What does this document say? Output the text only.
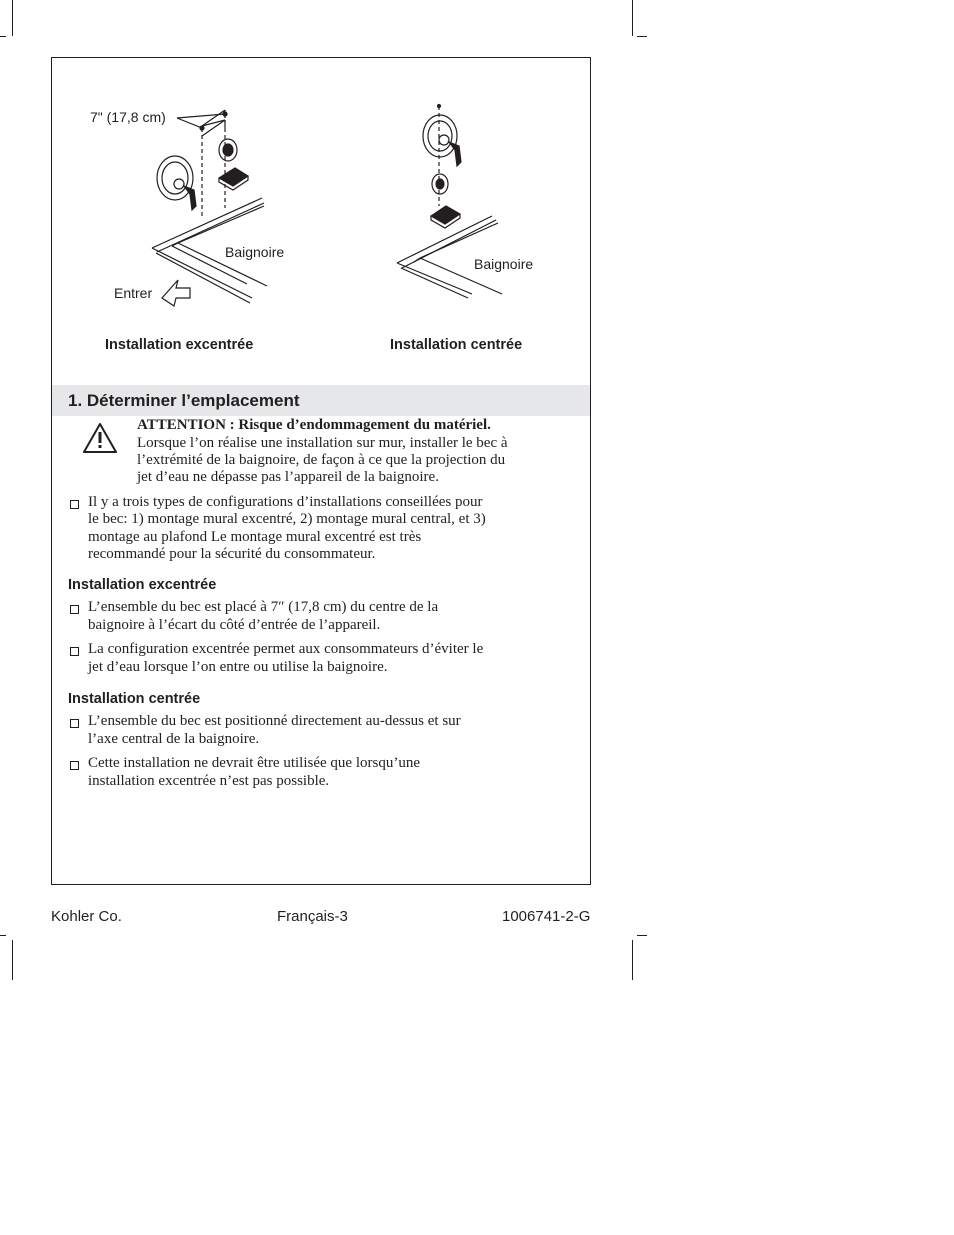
7" (17,8 cm)
Baignoire
Entrer
Baignoire
Installation excentrée	Installation centrée
1. Déterminer l’emplacement
ATTENTION : Risque d’endommagement du matériel.
Lorsque l’on réalise une installation sur mur, installer le bec à
l’extrémité de la baignoire, de façon à ce que la projection du
jet d’eau ne dépasse pas l’appareil de la baignoire.
Il y a trois types de configurations d’installations conseillées pour
le bec: 1) montage mural excentré, 2) montage mural central, et 3)
montage au plafond Le montage mural excentré est très
recommandé pour la sécurité du consommateur.
Installation excentrée
L’ensemble du bec est placé à 7″ (17,8 cm) du centre de la
baignoire à l’écart du côté d’entrée de l’appareil.
La configuration excentrée permet aux consommateurs d’éviter le
jet d’eau lorsque l’on entre ou utilise la baignoire.
Installation centrée
L’ensemble du bec est positionné directement au-dessus et sur
l’axe central de la baignoire.
Cette installation ne devrait être utilisée que lorsqu’une
installation excentrée n’est pas possible.
Kohler Co.	Français-3	1006741-2-G
